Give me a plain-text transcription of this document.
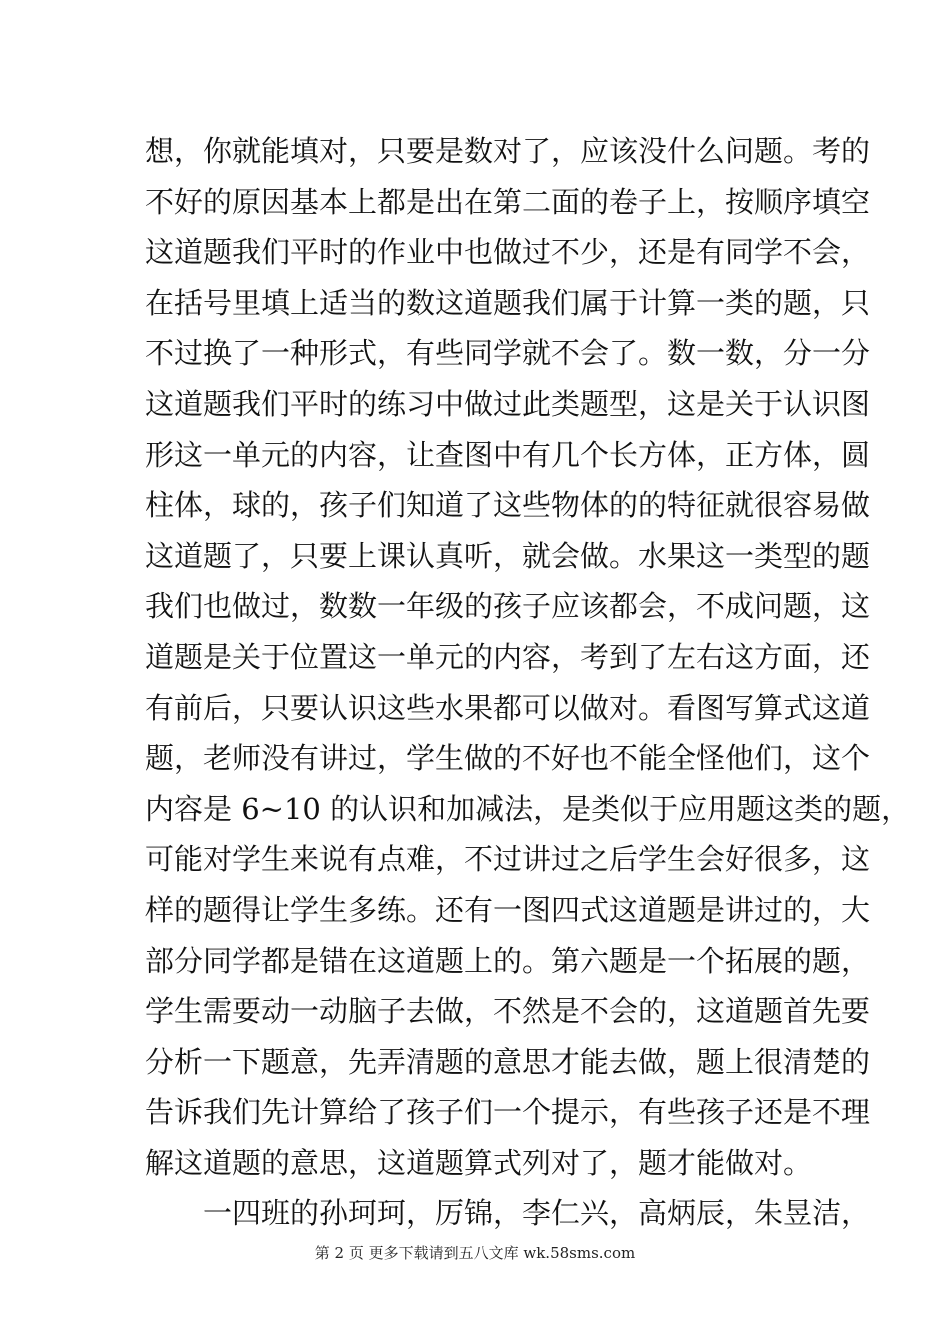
想，你就能填对，只要是数对了，应该没什么问题。考的
不好的原因基本上都是出在第二面的卷子上，按顺序填空
这道题我们平时的作业中也做过不少，还是有同学不会，
在括号里填上适当的数这道题我们属于计算一类的题，只
不过换了一种形式，有些同学就不会了。数一数，分一分
这道题我们平时的练习中做过此类题型，这是关于认识图
形这一单元的内容，让查图中有几个长方体，正方体，圆
柱体，球的，孩子们知道了这些物体的的特征就很容易做
这道题了，只要上课认真听，就会做。水果这一类型的题
我们也做过，数数一年级的孩子应该都会，不成问题，这
道题是关于位置这一单元的内容，考到了左右这方面，还
有前后，只要认识这些水果都可以做对。看图写算式这道
题，老师没有讲过，学生做的不好也不能全怪他们，这个
内容是 6~10 的认识和加减法，是类似于应用题这类的题，
可能对学生来说有点难，不过讲过之后学生会好很多，这
样的题得让学生多练。还有一图四式这道题是讲过的，大
部分同学都是错在这道题上的。第六题是一个拓展的题，
学生需要动一动脑子去做，不然是不会的，这道题首先要
分析一下题意，先弄清题的意思才能去做，题上很清楚的
告诉我们先计算给了孩子们一个提示，有些孩子还是不理
解这道题的意思，这道题算式列对了，题才能做对。
一四班的孙珂珂，厉锦，李仁兴，高炳辰，朱昱洁，
第 2 页 更多下载请到五八文库 wk.58sms.com
